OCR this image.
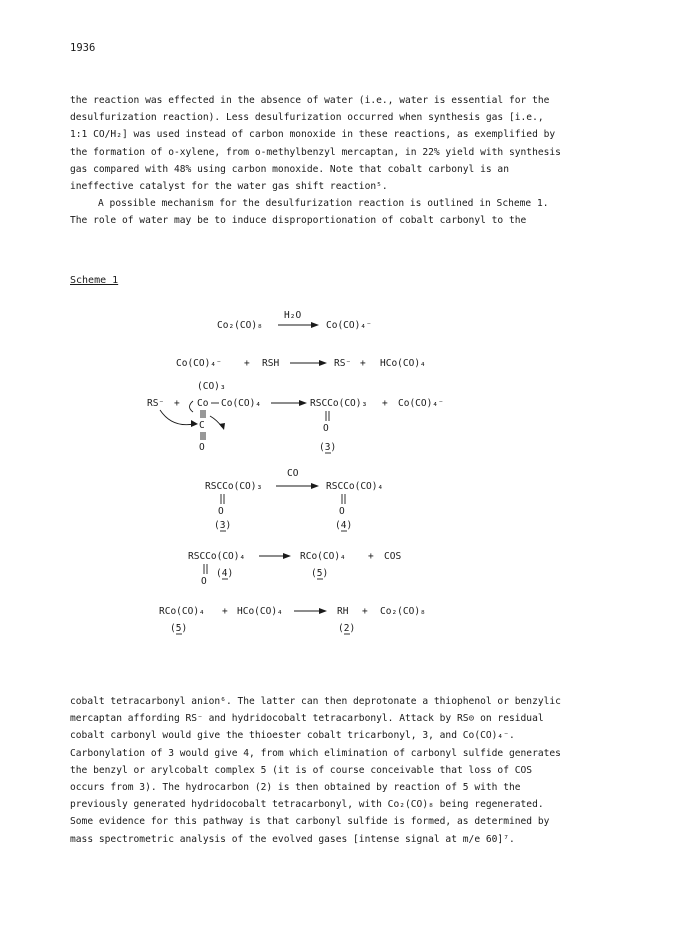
1936
the reaction was effected in the absence of water (i.e., water is essential for the
desulfurization reaction). Less desulfurization occurred when synthesis gas [i.e.,
1:1 CO/H₂] was used instead of carbon monoxide in these reactions, as exemplified by
the formation of o-xylene, from o-methylbenzyl mercaptan, in 22% yield with synthesis
gas compared with 48% using carbon monoxide. Note that cobalt carbonyl is an
ineffective catalyst for the water gas shift reaction⁵.
A possible mechanism for the desulfurization reaction is outlined in Scheme 1.
The role of water may be to induce disproportionation of cobalt carbonyl to the
Scheme 1
Co₂(CO)₈
H₂O
Co(CO)₄⁻
Co(CO)₄⁻ + RSH	RS⁻ + HCo(CO)₄
(CO)₃
RS⁻ + Co Co(CO)₄
C
O
RSCCo(CO)₃
O
(3)
+ Co(CO)₄⁻
CO
RSCCo(CO)₃	RSCCo(CO)₄
O
(3)
O
(4)
RSCCo(CO)₄	RCo(CO)₄ + COS
O
(4)	(5)
RCo(CO)₄ + HCo(CO)₄	RH + Co₂(CO)₈
(5)	(2)
cobalt tetracarbonyl anion⁶. The latter can then deprotonate a thiophenol or benzylic
mercaptan affording RS⁻ and hydridocobalt tetracarbonyl. Attack by RS⊝ on residual
cobalt carbonyl would give the thioester cobalt tricarbonyl, 3, and Co(CO)₄⁻.
Carbonylation of 3 would give 4, from which elimination of carbonyl sulfide generates
the benzyl or arylcobalt complex 5 (it is of course conceivable that loss of COS
occurs from 3). The hydrocarbon (2) is then obtained by reaction of 5 with the
previously generated hydridocobalt tetracarbonyl, with Co₂(CO)₈ being regenerated.
Some evidence for this pathway is that carbonyl sulfide is formed, as determined by
mass spectrometric analysis of the evolved gases [intense signal at m/e 60]⁷.
